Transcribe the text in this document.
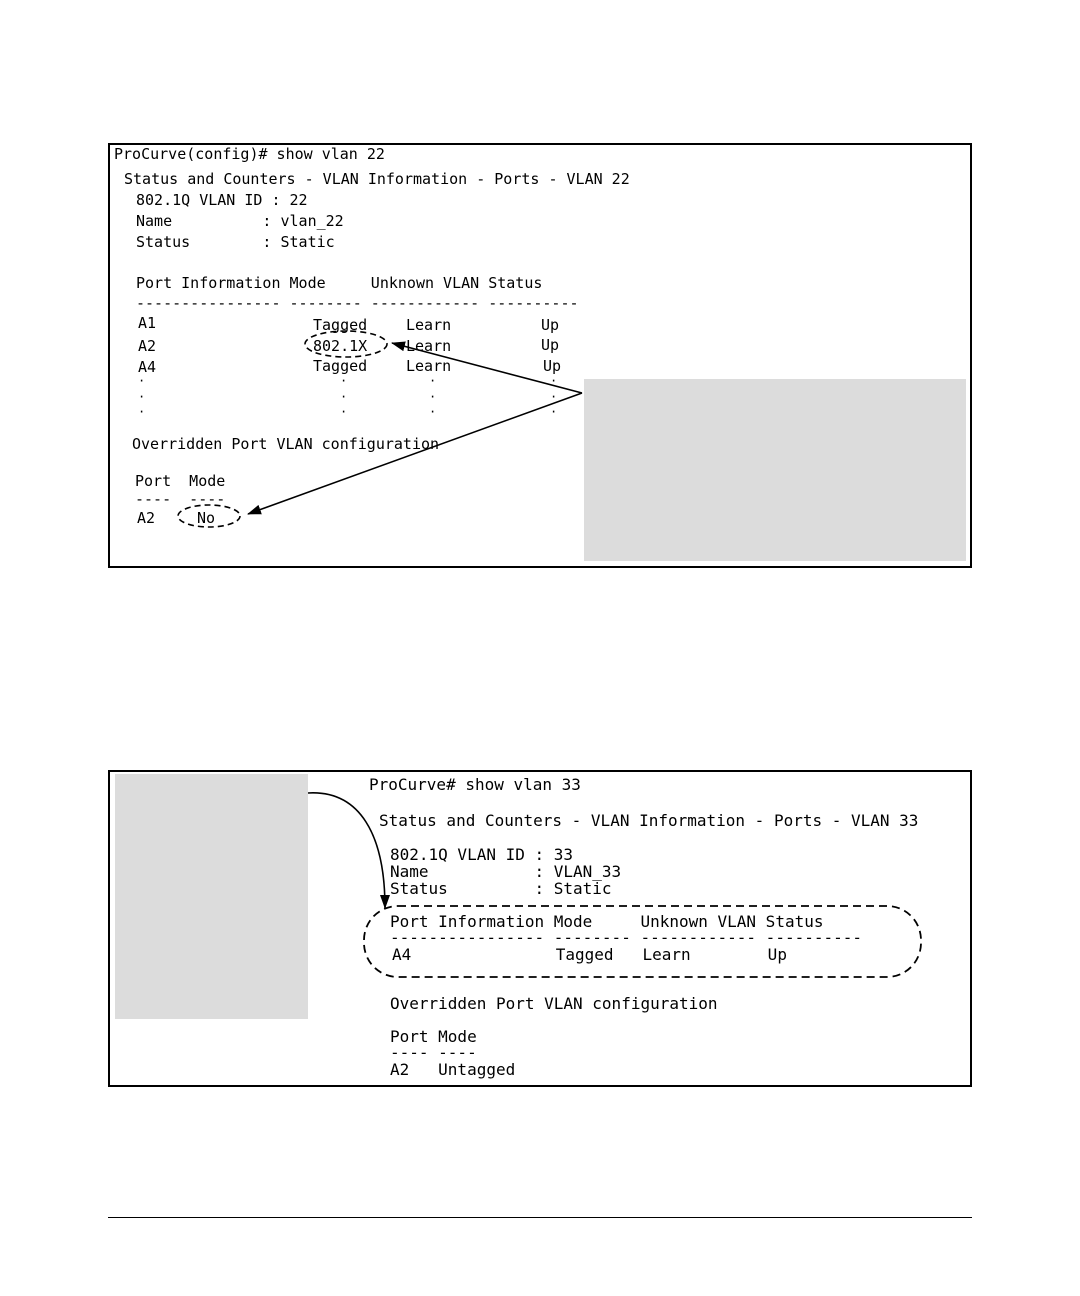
ProCurve(config)# show vlan 22
Status and Counters - VLAN Information - Ports - VLAN 22
802.1Q VLAN ID : 22
Name          : vlan_22
Status        : Static
Port Information Mode     Unknown VLAN Status
---------------- -------- ------------ ----------
A1	Tagged	Learn	Up
A2	802.1X	Learn	Up
A4	Tagged	Learn	Up
·
·
·
·
·
·
·
·
·
·
·
·
Overridden Port VLAN configuration
Port  Mode
----  ----
A2	No
ProCurve# show vlan 33
Status and Counters - VLAN Information - Ports - VLAN 33
802.1Q VLAN ID : 33
Name           : VLAN_33
Status         : Static
Port Information Mode     Unknown VLAN Status
---------------- -------- ------------ ----------
A4               Tagged   Learn        Up
Overridden Port VLAN configuration
Port Mode
---- ----
A2   Untagged
